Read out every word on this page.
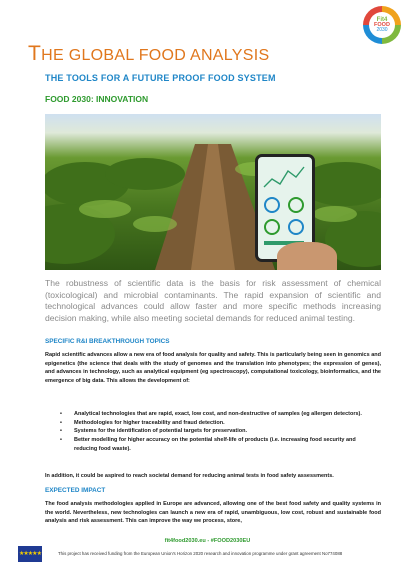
Fit4
FOOD
2030
THE GLOBAL FOOD ANALYSIS
THE TOOLS FOR A FUTURE PROOF FOOD SYSTEM
FOOD 2030: INNOVATION

The robustness of scientific data is the basis for risk assessment of chemical (toxicological) and microbial contaminants. The rapid expansion of scientific and technological advances could allow faster and more specific methods increasing decision making, while also meeting societal demands for reduced animal testing.

SPECIFIC R&I BREAKTHROUGH TOPICS

Rapid scientific advances allow a new era of food analysis for quality and safety. This is particularly being seen in genomics and epigenetics (the science that deals with the study of genomes and the translation into phenotypes; the expression of genes), and advances in technology, such as analytical equipment (eg spectroscopy), computational toxicology, bioinformatics, and the emergence of big data. This allows the development of:

• Analytical technologies that are rapid, exact, low cost, and non-destructive of samples (eg allergen detectors).
• Methodologies for higher traceability and fraud detection.
• Systems for the identification of potential targets for preservation.
• Better modelling for higher accuracy on the potential shelf-life of products (i.e. increasing food security and reducing food waste).

In addition, it could be aspired to reach societal demand for reducing animal tests in food safety assessments.

EXPECTED IMPACT

The food analysis methodologies applied in Europe are advanced, allowing one of the best food safety and quality systems in the world. Nevertheless, new technologies can launch a new era of rapid, unambiguous, low cost, robust and sustainable food analysis and risk assessment. This can improve the way we process, store,

fit4food2030.eu - #FOOD2030EU

★★★★★	This project has received funding from the European Union's Horizon 2020 research and innovation programme under grant agreement No774088
